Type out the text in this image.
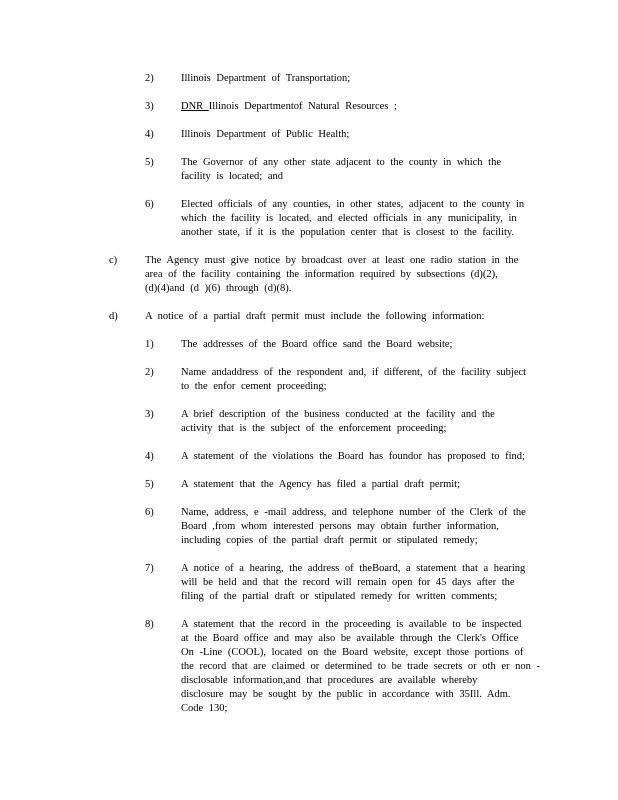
2)	Illinois Department of Transportation;
3)	DNR Illinois Departmentof Natural Resources ;
4)	Illinois Department of Public Health;
5)	The Governor of any other state adjacent to the county in which the
facility is located; and
6)	Elected officials of any counties, in other states, adjacent to the county in
which the facility is located, and elected officials in any municipality, in
another state, if it is the population center that is closest to the facility.
c)	The Agency must give notice by broadcast over at least one radio station in the
area of the facility containing the information required by subsections (d)(2),
(d)(4)and (d )(6) through (d)(8).
d)	A notice of a partial draft permit must include the following information:
1)	The addresses of the Board office sand the Board website;
2)	Name andaddress of the respondent and, if different, of the facility subject
to the enfor cement proceeding;
3)	A brief description of the business conducted at the facility and the
activity that is the subject of the enforcement proceeding;
4)	A statement of the violations the Board has foundor has proposed to find;
5)	A statement that the Agency has filed a partial draft permit;
6)	Name, address, e -mail address, and telephone number of the Clerk of the
Board ,from whom interested persons may obtain further information,
including copies of the partial draft permit or stipulated remedy;
7)	A notice of a hearing, the address of theBoard, a statement that a hearing
will be held and that the record will remain open for 45 days after the
filing of the partial draft or stipulated remedy for written comments;
8)	A statement that the record in the proceeding is available to be inspected
at the Board office and may also be available through the Clerk's Office
On -Line (COOL), located on the Board website, except those portions of
the record that are claimed or determined to be trade secrets or oth er non -
disclosable information,and that procedures are available whereby
disclosure may be sought by the public in accordance with 35Ill. Adm.
Code 130;
